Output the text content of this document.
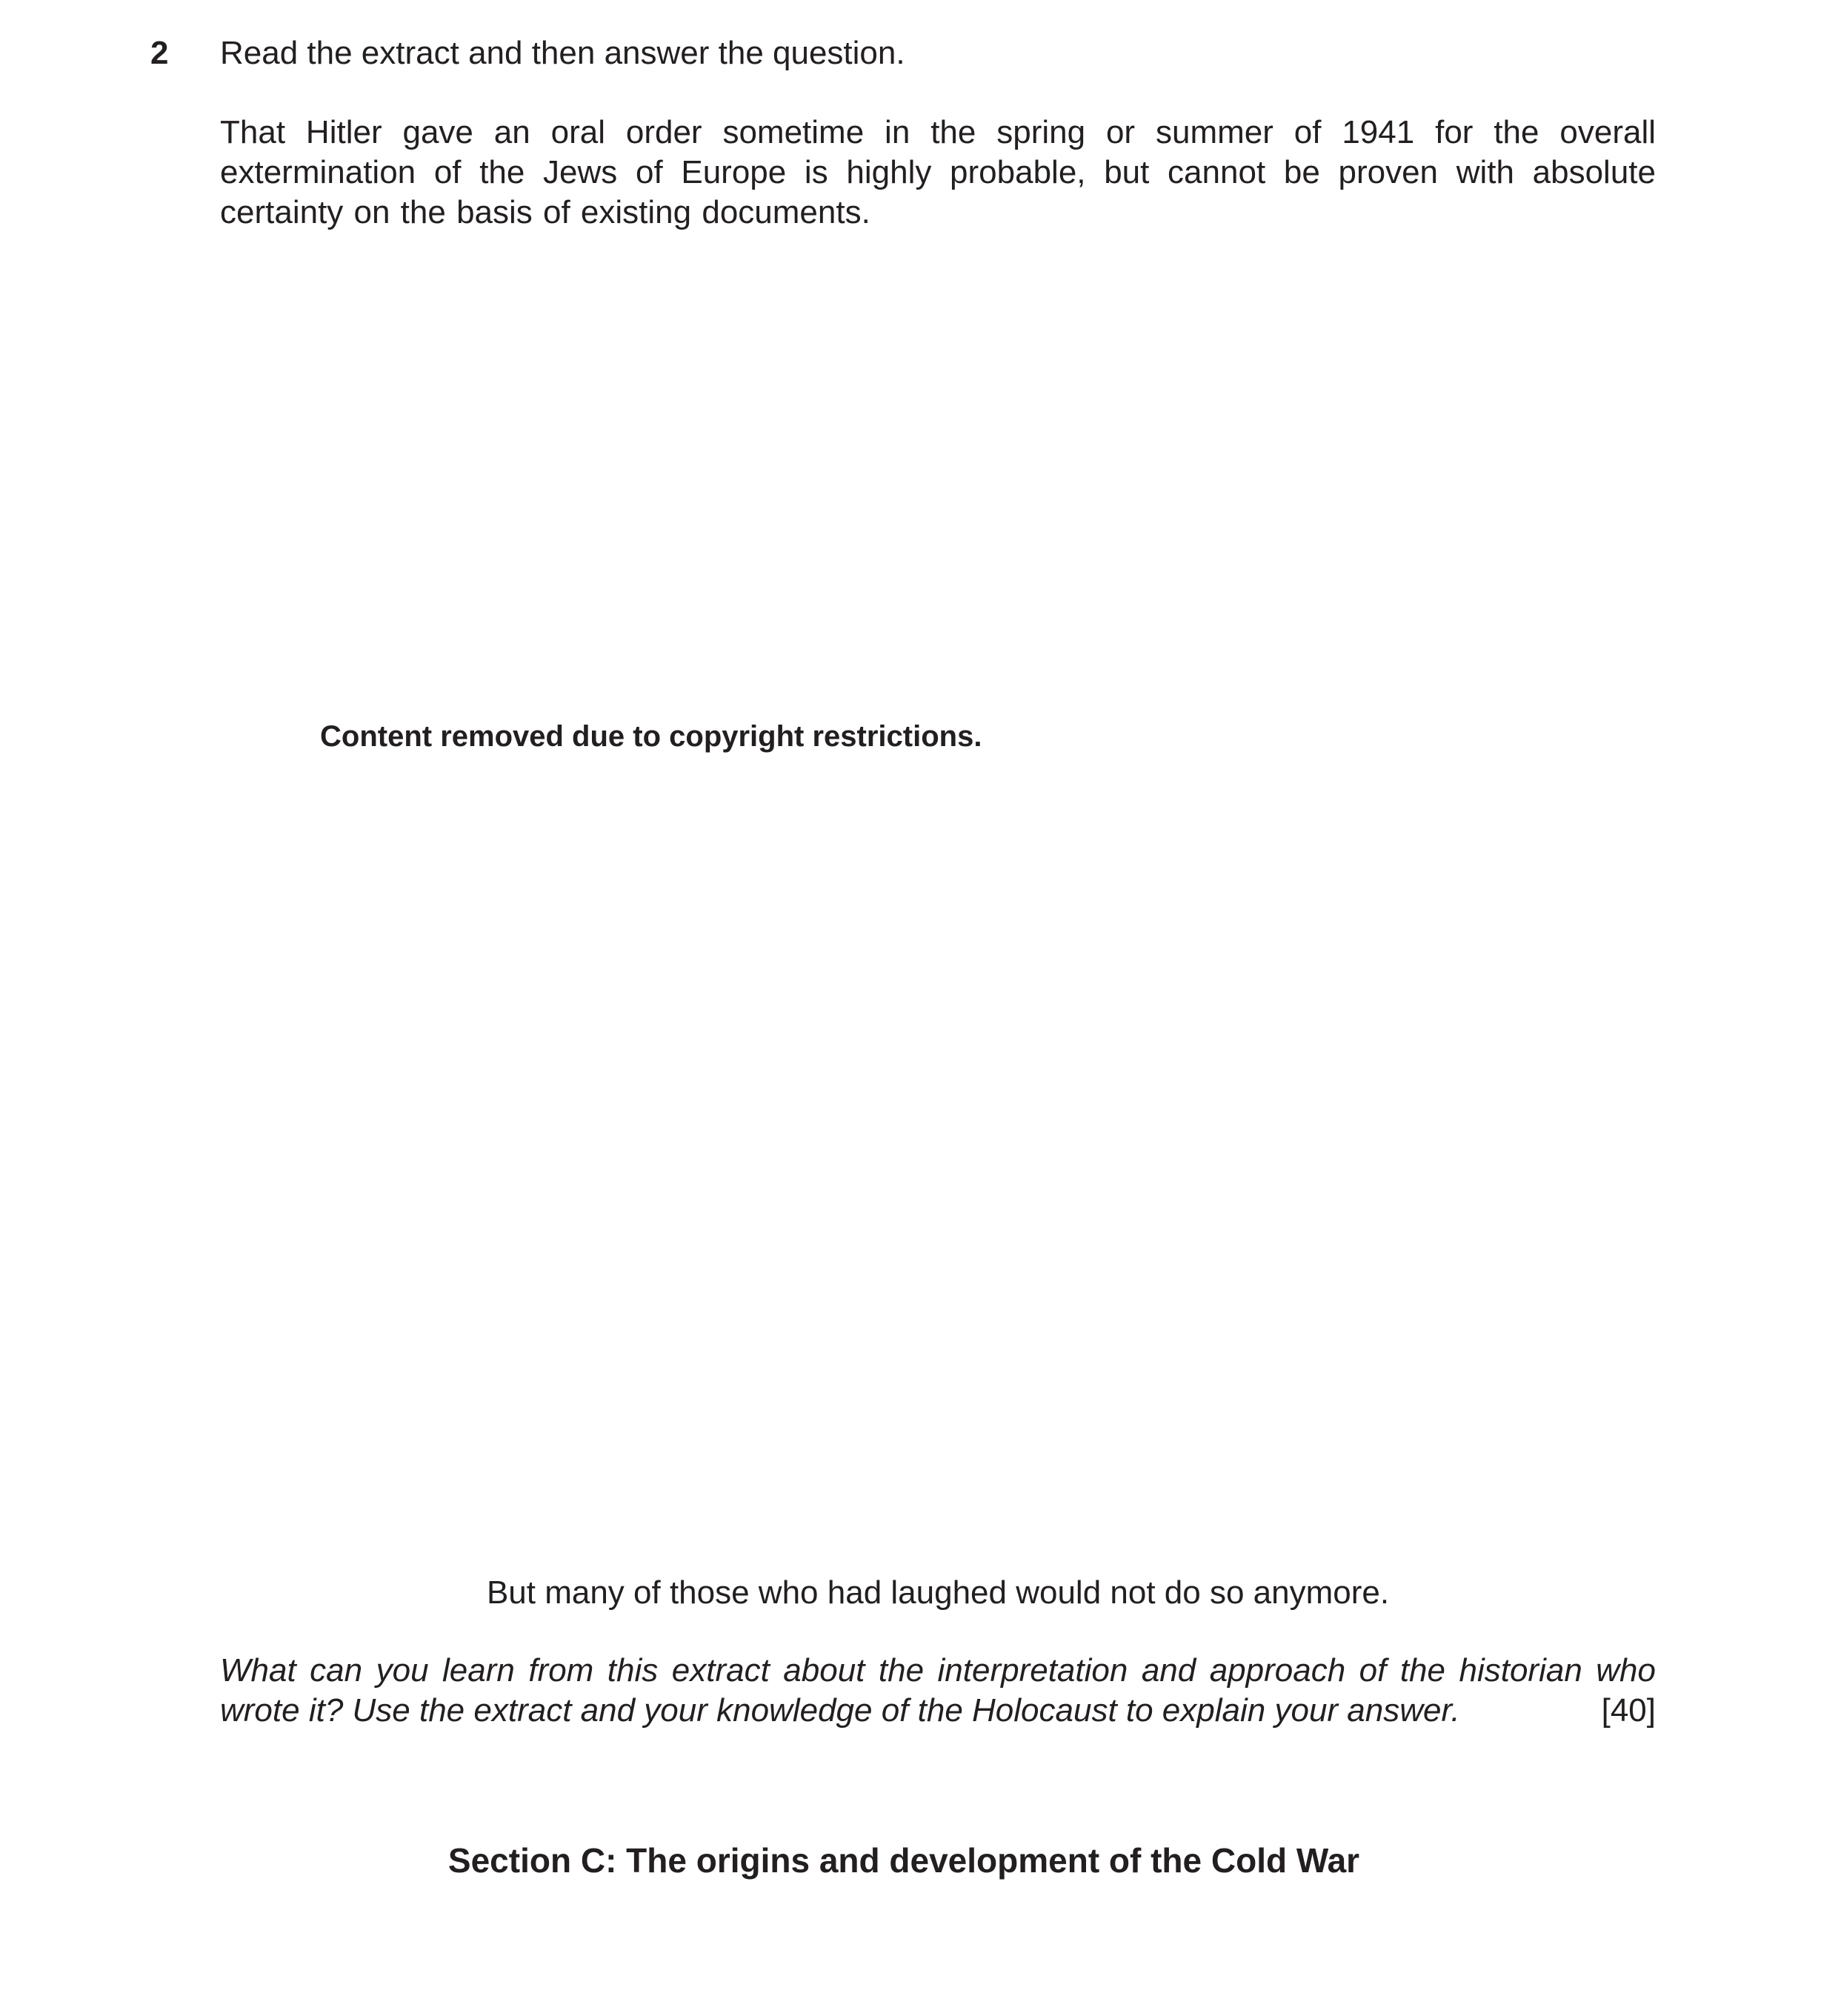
2 Read the extract and then answer the question.
That Hitler gave an oral order sometime in the spring or summer of 1941 for the overall extermination of the Jews of Europe is highly probable, but cannot be proven with absolute certainty on the basis of existing documents.
Content removed due to copyright restrictions.
But many of those who had laughed would not do so anymore.
What can you learn from this extract about the interpretation and approach of the historian who wrote it? Use the extract and your knowledge of the Holocaust to explain your answer.	[40]
Section C: The origins and development of the Cold War
